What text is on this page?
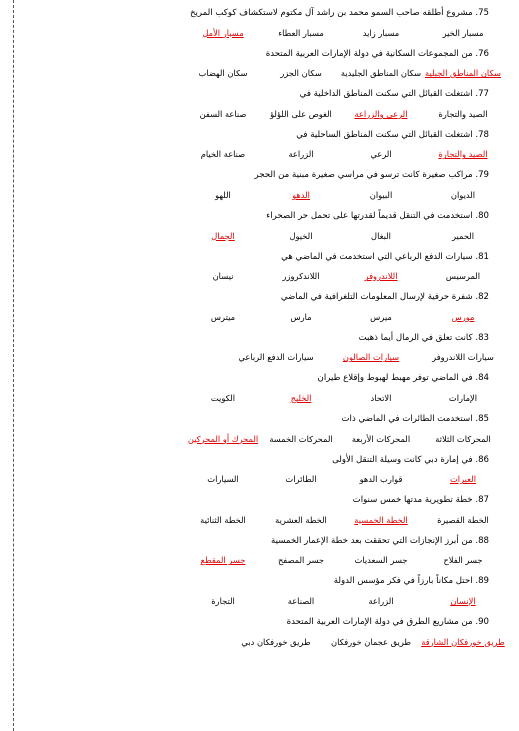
75. مشروع أطلقه صاحب السمو محمد بن راشد آل مكتوم لاستكشاف كوكب المريخ
مسبار الخير
مسبار زايد
مسبار العطاء
مسبار الأمل
76. من المجموعات السكانية في دولة الإمارات العربية المتحدة
سكان المناطق الجبلية
سكان المناطق الجليدية
سكان الجزر
سكان الهضاب
77. اشتغلت القبائل التي سكنت المناطق الداخلية في
الصيد والتجارة
الرعي والزراعة
الغوص على اللؤلؤ
صناعة السفن
78. اشتغلت القبائل التي سكنت المناطق الساحلية في
الصيد والتجارة
الرعي
الزراعة
صناعة الخيام
79. مراكب صغيرة كانت ترسو في مراسي صغيرة مبنية من الحجر
الديوان
البيوان
الدهو
اللهو
80. استخدمت في التنقل قديماً لقدرتها على تحمل حر الصحراء
الحمير
البغال
الخيول
الجمال
81. سيارات الدفع الرباعي التي استخدمت في الماضي هي
المرسيس
اللاندروفر
اللاندكروزر
نيسان
82. شفرة حرفية لإرسال المعلومات التلغرافية في الماضي
مورس
ميرس
مارس
ميترس
83. كانت تعلق في الرمال أيما ذهبت
سيارات اللاندروفر
سيارات الصالون
سيارات الدفع الرباعي
84. في الماضي توفر مهبط لهبوط وإقلاع طيران
الإمارات
الاتحاد
الخليج
الكويت
85. استخدمت الطائرات في الماضي ذات
المحركات الثلاثة
المحركات الأربعة
المحركات الخمسة
المحرك أو المحركين
86. في إمارة دبي كانت وسيلة التنقل الأولى
العبرات
قوارب الدهو
الطائرات
السيارات
87. خطة تطويرية مدتها خمس سنوات
الخطة القصيرة
الخطة الخمسية
الخطة العشرية
الخطة الثنائية
88. من أبرز الإنجازات التي تحققت بعد خطة الإعمار الخمسية
جسر الفلاح
جسر السعديات
جسر المصفح
جسر المقطع
89. احتل مكاناً بارزاً في فكر مؤسس الدولة
الإنسان
الزراعة
الصناعة
التجارة
90. من مشاريع الطرق في دولة الإمارات العربية المتحدة
طريق خورفكان الشارقة
طريق عجمان خورفكان
طريق خورفكان دبي
